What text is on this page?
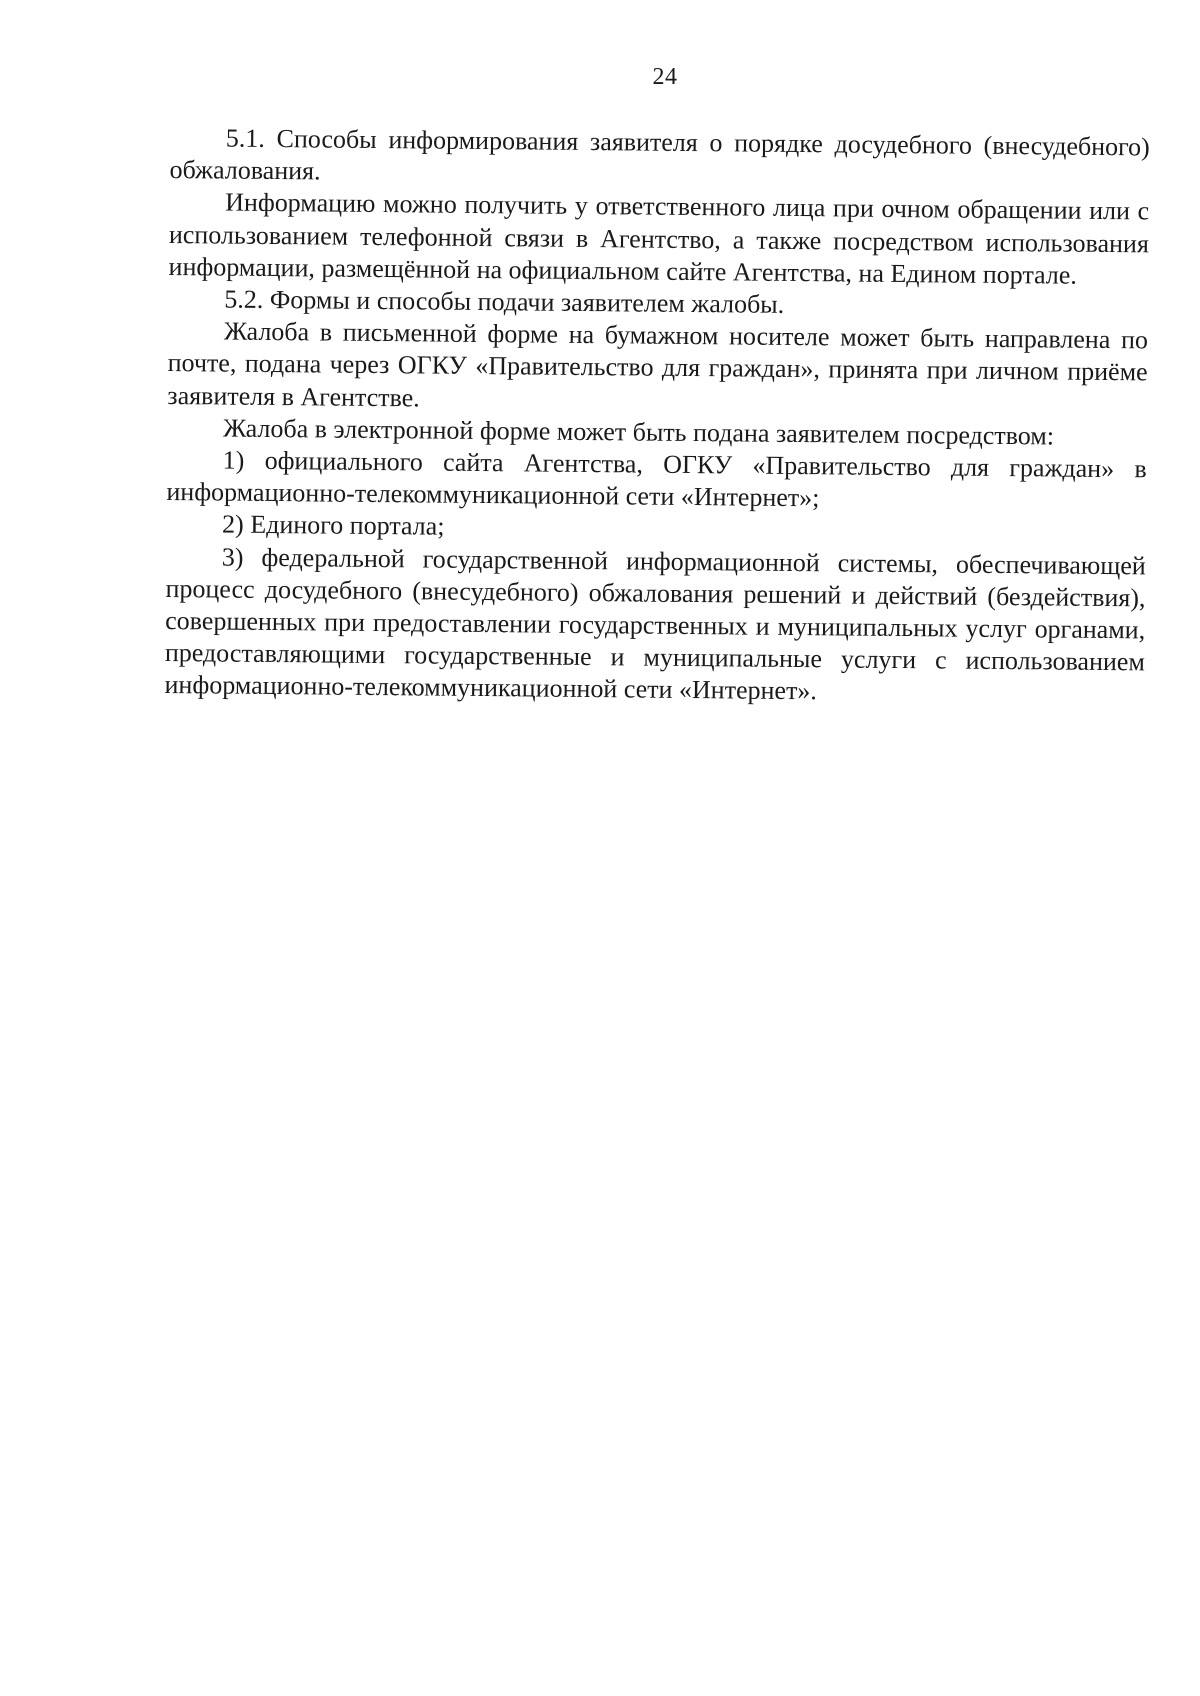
24

5.1. Способы информирования заявителя о порядке досудебного (внесудебного) обжалования.

Информацию можно получить у ответственного лица при очном обращении или с использованием телефонной связи в Агентство, а также посредством использования информации, размещённой на официальном сайте Агентства, на Едином портале.

5.2. Формы и способы подачи заявителем жалобы.

Жалоба в письменной форме на бумажном носителе может быть направлена по почте, подана через ОГКУ «Правительство для граждан», принята при личном приёме заявителя в Агентстве.

Жалоба в электронной форме может быть подана заявителем посредством:

1) официального сайта Агентства, ОГКУ «Правительство для граждан» в информационно-телекоммуникационной сети «Интернет»;

2) Единого портала;

3) федеральной государственной информационной системы, обеспечивающей процесс досудебного (внесудебного) обжалования решений и действий (бездействия), совершенных при предоставлении государственных и муниципальных услуг органами, предоставляющими государственные и муниципальные услуги с использованием информационно-телекоммуникационной сети «Интернет».
